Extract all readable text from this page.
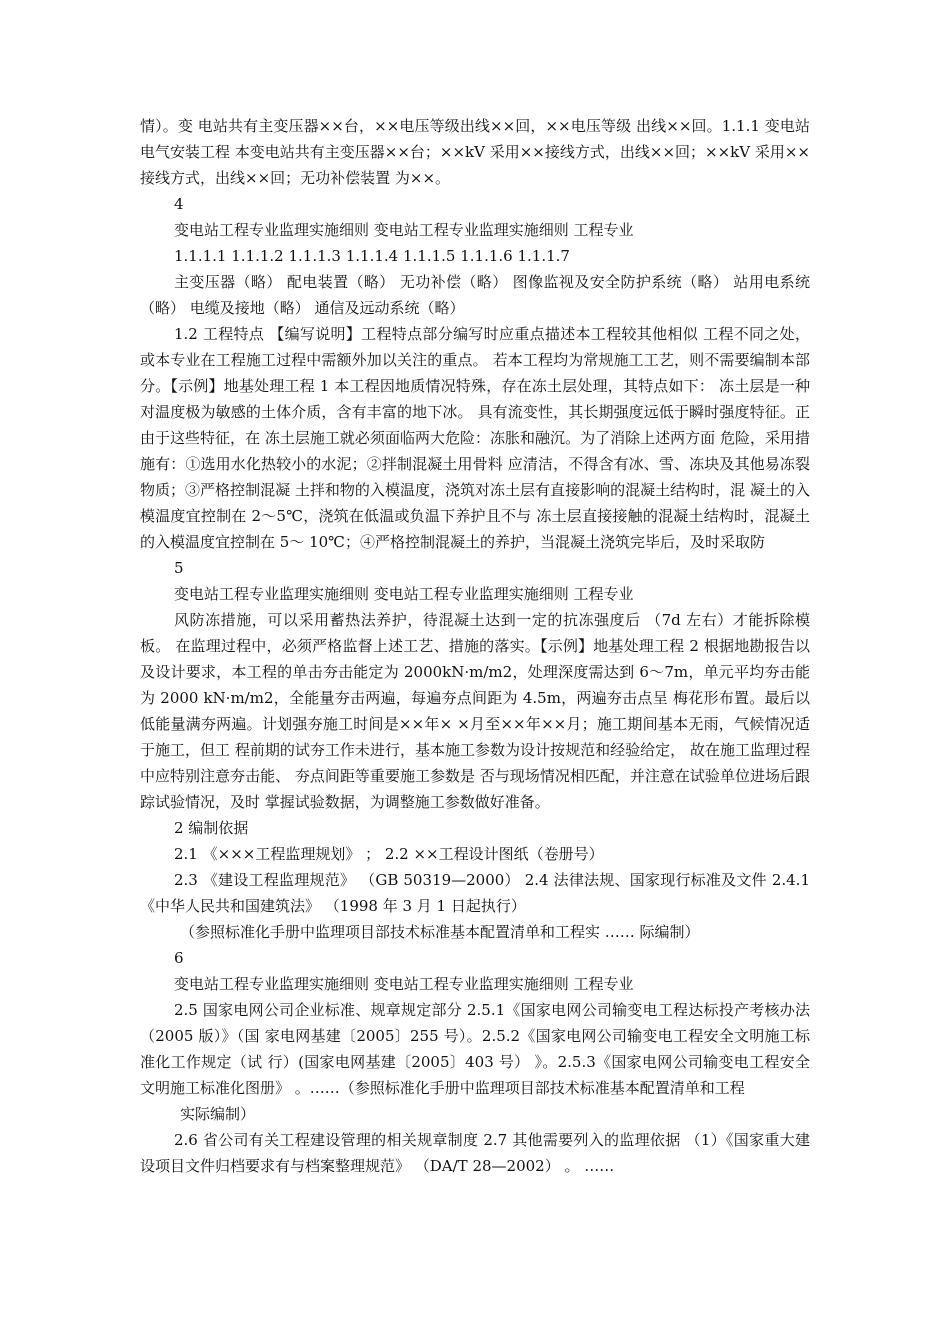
情）。变 电站共有主变压器××台，××电压等级出线××回，××电压等级 出线××回。1.1.1 变电站电气安装工程 本变电站共有主变压器××台；××kV 采用××接线方式，出线××回；××kV 采用××接线方式，出线××回；无功补偿装置 为××。

4

变电站工程专业监理实施细则 变电站工程专业监理实施细则 工程专业

1.1.1.1 1.1.1.2 1.1.1.3 1.1.1.4 1.1.1.5 1.1.1.6 1.1.1.7

主变压器（略） 配电装置（略） 无功补偿（略） 图像监视及安全防护系统（略） 站用电系统（略） 电缆及接地（略） 通信及远动系统（略）

1.2 工程特点 【编写说明】工程特点部分编写时应重点描述本工程较其他相似 工程不同之处，或本专业在工程施工过程中需额外加以关注的重点。 若本工程均为常规施工工艺，则不需要编制本部分。【示例】地基处理工程 1 本工程因地质情况特殊，存在冻土层处理，其特点如下： 冻土层是一种对温度极为敏感的土体介质，含有丰富的地下冰。 具有流变性，其长期强度远低于瞬时强度特征。正由于这些特征，在 冻土层施工就必须面临两大危险：冻胀和融沉。为了消除上述两方面 危险，采用措施有：①选用水化热较小的水泥；②拌制混凝土用骨料 应清洁，不得含有冰、雪、冻块及其他易冻裂物质；③严格控制混凝 土拌和物的入模温度，浇筑对冻土层有直接影响的混凝土结构时，混 凝土的入模温度宜控制在 2～5℃，浇筑在低温或负温下养护且不与 冻土层直接接触的混凝土结构时，混凝土的入模温度宜控制在 5～ 10℃；④严格控制混凝土的养护，当混凝土浇筑完毕后，及时采取防

5

变电站工程专业监理实施细则 变电站工程专业监理实施细则 工程专业

风防冻措施，可以采用蓄热法养护，待混凝土达到一定的抗冻强度后 （7d 左右）才能拆除模板。 在监理过程中，必须严格监督上述工艺、措施的落实。【示例】地基处理工程 2 根据地勘报告以及设计要求，本工程的单击夯击能定为 2000kN·m/m2，处理深度需达到 6～7m，单元平均夯击能为 2000 kN·m/m2，全能量夯击两遍，每遍夯点间距为 4.5m，两遍夯击点呈 梅花形布置。最后以低能量满夯两遍。计划强夯施工时间是××年× ×月至××年××月；施工期间基本无雨，气候情况适于施工，但工 程前期的试夯工作未进行，基本施工参数为设计按规范和经验给定， 故在施工监理过程中应特别注意夯击能、 夯点间距等重要施工参数是 否与现场情况相匹配，并注意在试验单位进场后跟踪试验情况，及时 掌握试验数据，为调整施工参数做好准备。

2 编制依据

2.1 《×××工程监理规划》 ； 2.2 ××工程设计图纸（卷册号）

2.3 《建设工程监理规范》 （GB 50319—2000） 2.4 法律法规、国家现行标准及文件 2.4.1 《中华人民共和国建筑法》 （1998 年 3 月 1 日起执行）

（参照标准化手册中监理项目部技术标准基本配置清单和工程实 …… 际编制）

6

变电站工程专业监理实施细则 变电站工程专业监理实施细则 工程专业

2.5 国家电网公司企业标准、规章规定部分 2.5.1《国家电网公司输变电工程达标投产考核办法（2005 版）》（国 家电网基建〔2005〕255 号）。2.5.2《国家电网公司输变电工程安全文明施工标准化工作规定（试 行）(国家电网基建〔2005〕403 号） 》。2.5.3《国家电网公司输变电工程安全文明施工标准化图册》 。……（参照标准化手册中监理项目部技术标准基本配置清单和工程

实际编制）

2.6 省公司有关工程建设管理的相关规章制度 2.7 其他需要列入的监理依据 （1）《国家重大建设项目文件归档要求有与档案整理规范》 （DA/T 28—2002） 。 ……
